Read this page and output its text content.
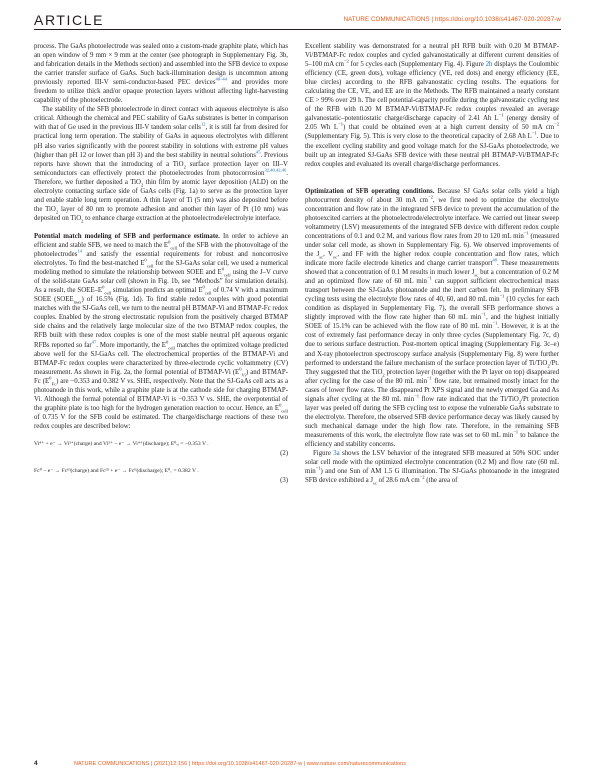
ARTICLE	NATURE COMMUNICATIONS | https://doi.org/10.1038/s41467-020-20287-w

process. The GaAs photoelectrode was sealed onto a custom-made graphite plate, which has an open window of 9 mm × 9 mm at the center (see photograph in Supplementary Fig. 3b, and fabrication details in the Methods section) and assembled into the SFB device to expose the carrier transfer surface of GaAs. Such back-illumination design is uncommon among previously reported III-V semi-conductor-based PEC devices$^{40-44}$ and provides more freedom to utilize thick and/or opaque protection layers without affecting light-harvesting capability of the photoelectrode.

The stability of the SFB photoelectrode in direct contact with aqueous electrolyte is also critical. Although the chemical and PEC stability of GaAs substrates is better in comparison with that of Ge used in the previous III-V tandem solar cells$^{12}$, it is still far from desired for practical long term operation. The stability of GaAs in aqueous electrolytes with different pH also varies significantly with the poorest stability in solutions with extreme pH values (higher than pH 12 or lower than pH 3) and the best stability in neutral solutions$^{45}$. Previous reports have shown that the introducing of a TiO$_2$ surface protection layer on III–V semiconductors can effectively protect the photoelectrodes from photocorrosion$^{32,40,42,46}$. Therefore, we further deposited a TiO$_2$ thin film by atomic layer deposition (ALD) on the electrolyte contacting surface side of GaAs cells (Fig. 1a) to serve as the protection layer and enable stable long term operation. A thin layer of Ti (5 nm) was also deposited before the TiO$_2$ layer of 80 nm to promote adhesion and another thin layer of Pt (10 nm) was deposited on TiO$_2$ to enhance charge extraction at the photoelectrode/electrolyte interface.

Potential match modeling of SFB and performance estimate. In order to achieve an efficient and stable SFB, we need to match the $E^0_{cell}$ of the SFB with the photovoltage of the photoelectrodes$^{14}$ and satisfy the essential requirements for robust and noncorrosive electrolytes. To find the best-matched $E^0_{cell}$ for the SJ-GaAs solar cell, we used a numerical modeling method to simulate the relationship between SOEE and $E^0_{cell}$ using the J–V curve of the solid-state GaAs solar cell (shown in Fig. 1b, see “Methods” for simulation details). As a result, the SOEE–$E^0_{cell}$ simulation predicts an optimal $E^0_{cell}$ of 0.74 V with a maximum SOEE $(SOEE_{max})$ of 16.5% (Fig. 1d). To find stable redox couples with good potential matches with the SJ-GaAs cell, we turn to the neutral pH BTMAP-Vi and BTMAP-Fc redox couples. Enabled by the strong electrostatic repulsion from the positively charged BTMAP side chains and the relatively large molecular size of the two BTMAP redox couples, the RFB built with these redox couples is one of the most stable neutral pH aqueous organic RFBs reported so far$^{47}$. More importantly, the $E^0_{cell}$ matches the optimized voltage predicted above well for the SJ-GaAs cell. The electrochemical properties of the BTMAP-Vi and BTMAP-Fc redox couples were characterized by three-electrode cyclic voltammetry (CV) measurement. As shown in Fig. 2a, the formal potential of BTMAP-Vi $(E^0_{Vi})$ and BTMAP-Fc $(E^0_{Fc})$ are −0.353 and 0.382 V vs. SHE, respectively. Note that the SJ-GaAs cell acts as a photoanode in this work, while a graphite plate is at the cathode side for charging BTMAP-Vi. Although the formal potential of BTMAP-Vi is −0.353 V vs. SHE, the overpotential of the graphite plate is too high for the hydrogen generation reaction to occur. Hence, an $E^0_{cell}$ of 0.735 V for the SFB could be estimated. The charge/discharge reactions of these two redox couples are described below:

Vi⁴⁺ + e⁻ → Vi³⁺(charge) and Vi³⁺ − e⁻ → Vi⁴⁺(discharge); E⁰ᵥᵢ = −0.353 V .
(2)
Fc⁰ − e⁻ → Fcᴵᴵᴵ(charge) and Fcᴵᴵᴵ + e⁻ → Fcᴵᴵ(discharge); E⁰꜀ = 0.382 V .
(3)

Excellent stability was demonstrated for a neutral pH RFB built with 0.20 M BTMAP-Vi/BTMAP-Fc redox couples and cycled galvanostatically at different current densities of 5–100 mA $cm^{-2}$ for 5 cycles each (Supplementary Fig. 4). Figure 2b displays the Coulombic efficiency (CE, green dots), voltage efficiency (VE, red dots) and energy efficiency (EE, blue circles) according to the RFB galvanostatic cycling results. The equations for calculating the CE, VE, and EE are in the Methods. The RFB maintained a nearly constant CE > 99% over 29 h. The cell potential-capacity profile during the galvanostatic cycling test of the RFB with 0.20 M BTMAP-Vi/BTMAP-Fc redox couples revealed an average galvanostatic–potentiostatic charge/discharge capacity of 2.41 Ah $L^{-1}$ (energy density of 2.05 Wh $L^{-1}$) that could be obtained even at a high current density of 50 mA $cm^{-2}$ (Supplementary Fig. 5). This is very close to the theoretical capacity of 2.68 Ah $L^{-1}$. Due to the excellent cycling stability and good voltage match for the SJ-GaAs photoelectrode, we built up an integrated SJ-GaAs SFB device with these neutral pH BTMAP-Vi/BTMAP-Fc redox couples and evaluated its overall charge/discharge performances.

Optimization of SFB operating conditions. Because SJ GaAs solar cells yield a high photocurrent density of about 30 mA $cm^{-2}$, we first need to optimize the electrolyte concentration and flow rate in the integrated SFB device to prevent the accumulation of the photoexcited carriers at the photoelectrode/electrolyte interface. We carried out linear sweep voltammetry (LSV) measurements of the integrated SFB device with different redox couple concentrations of 0.1 and 0.2 M, and various flow rates from 20 to 120 mL $\min^{-1}$ (measured under solar cell mode, as shown in Supplementary Fig. 6). We observed improvements of the $J_{sc}$, $V_{oc}$, and FF with the higher redox couple concentration and flow rates, which indicate more facile electrode kinetics and charge carrier transport$^{48}$. These measurements showed that a concentration of 0.1 M results in much lower $J_{sc}$ but a concentration of 0.2 M and an optimized flow rate of 60 mL $\min^{-1}$ can support sufficient electrochemical mass transport between the SJ-GaAs photoanode and the inert carbon felt. In preliminary SFB cycling tests using the electrolyte flow rates of 40, 60, and 80 mL $\min^{-1} (10$ cycles for each condition as displayed in Supplementary Fig. 7), the overall SFB performance shows a slightly improved with the flow rate higher than 60 mL $\min^{-1}$, and the highest initially SOEE of 15.1% can be achieved with the flow rate of 80 mL $\min^{-1}$. However, it is at the cost of extremely fast performance decay in only three cycles (Supplementary Fig. 7c, d) due to serious surface destruction. Post-mortem optical imaging (Supplementary Fig. 3c–e) and X-ray photoelectron spectroscopy surface analysis (Supplementary Fig. 8) were further performed to understand the failure mechanism of the surface protection layer of Ti/TiO$_2$/Pt. They suggested that the TiO$_2$ protection layer (together with the Pt layer on top) disappeared after cycling for the case of the 80 mL $\min^{-1}$ flow rate, but remained mostly intact for the cases of lower flow rates. The disappeared Pt XPS signal and the newly emerged Ga and As signals after cycling at the 80 mL $\min^{-1}$ flow rate indicated that the Ti/TiO$_2$/Pt protection layer was peeled off during the SFB cycling test to expose the vulnerable GaAs substrate to the electrolyte. Therefore, the observed SFB device performance decay was likely caused by such mechanical damage under the high flow rate. Therefore, in the remaining SFB measurements of this work, the electrolyte flow rate was set to 60 mL $\min^{-1}$ to balance the efficiency and stability concerns.

Figure 3a shows the LSV behavior of the integrated SFB measured at 50% SOC under solar cell mode with the optimized electrolyte concentration (0.2 M) and flow rate (60 mL $\min^{-1}$) and one Sun of AM 1.5 G illumination. The SJ-GaAs photoanode in the integrated SFB device exhibited a $J_{sc}$ of 28.6 mA $cm^{-2}$ (the area of

4	NATURE COMMUNICATIONS | (2021)12:156 | https://doi.org/10.1038/s41467-020-20287-w | www.nature.com/naturecommunications
